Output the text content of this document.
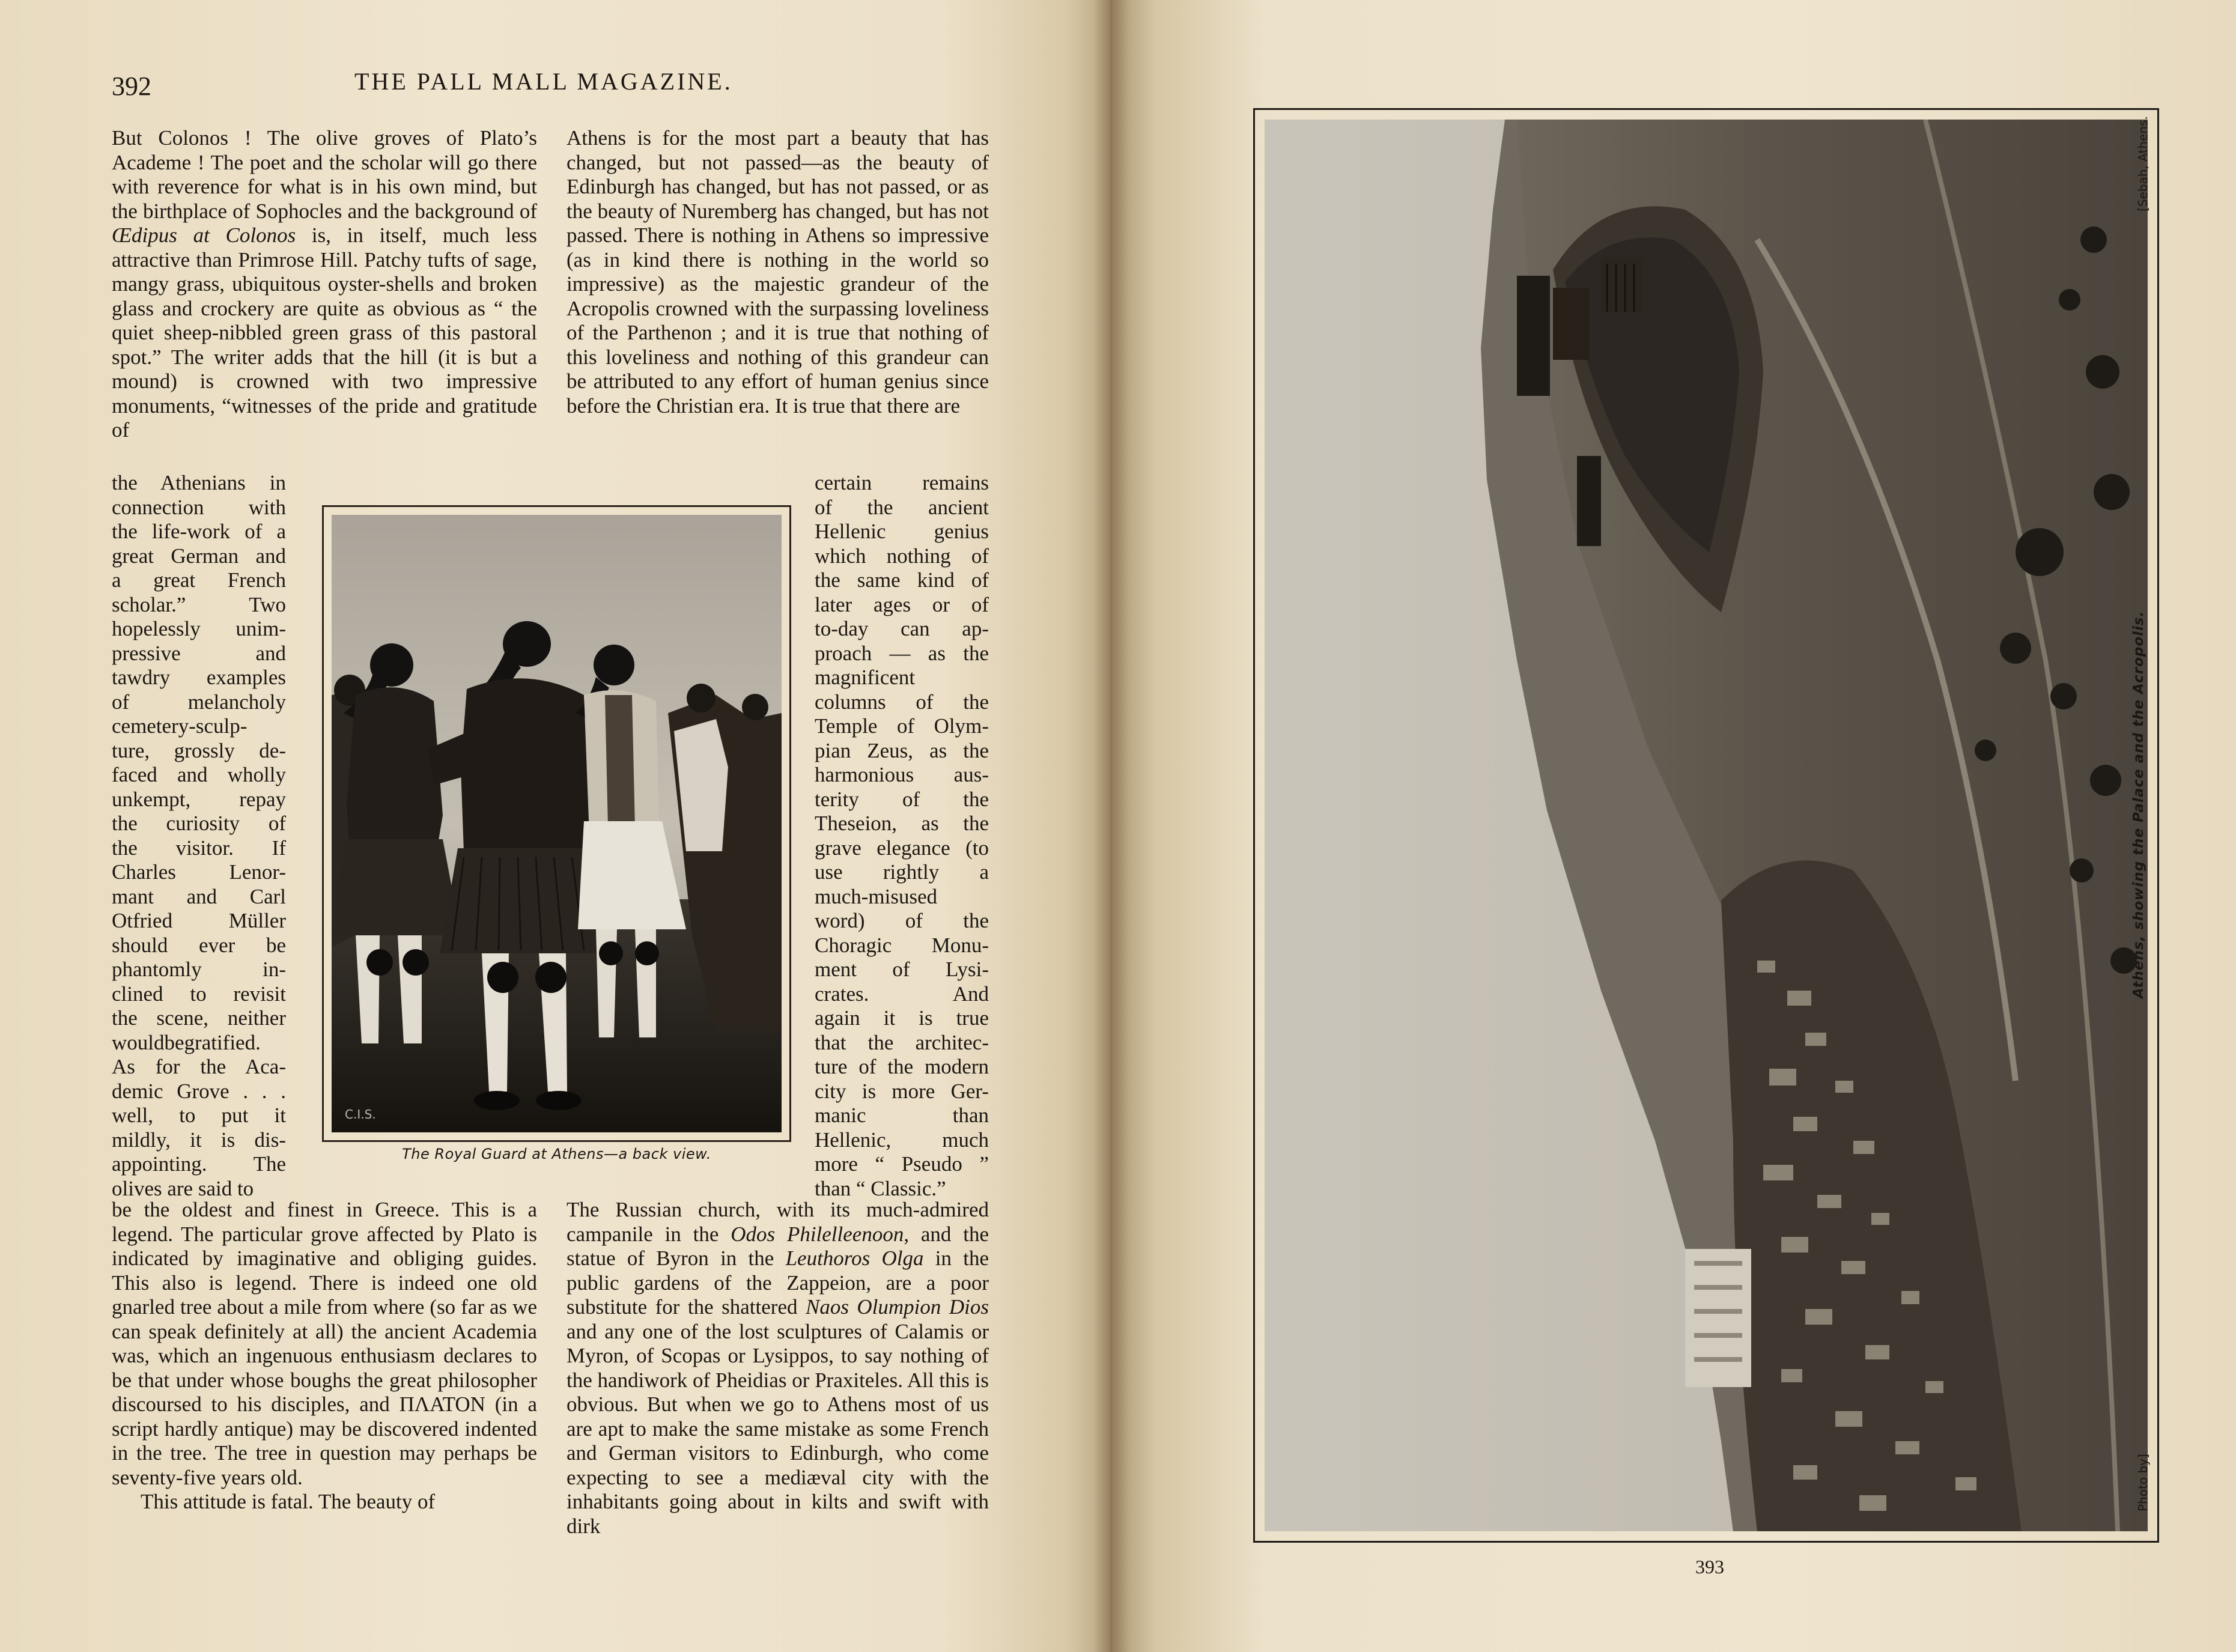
392	THE PALL MALL MAGAZINE.

But Colonos ! The olive groves of Plato’s Academe ! The poet and the scholar will go there with reverence for what is in his own mind, but the birthplace of Sophocles and the background of Œdipus at Colonos is, in itself, much less attractive than Primrose Hill. Patchy tufts of sage, mangy grass, ubiquitous oyster-shells and broken glass and crockery are quite as obvious as “ the quiet sheep-nibbled green grass of this pastoral spot.” The writer adds that the hill (it is but a mound) is crowned with two impressive monuments, “witnesses of the pride and gratitude of

the Athenians in
connection with
the life-work of a
great German and
a great French
scholar.” Two
hopelessly unim-
pressive and
tawdry examples
of melancholy
cemetery-sculp-
ture, grossly de-
faced and wholly
unkempt, repay
the curiosity of
the visitor. If
Charles Lenor-
mant and Carl
Otfried Müller
should ever be
phantomly in-
clined to revisit
the scene, neither
wouldbegratified.
As for the Aca-
demic Grove . . .
well, to put it
mildly, it is dis-
appointing. The
olives are said to

be the oldest and finest in Greece. This is a legend. The particular grove affected by Plato is indicated by imaginative and obliging guides. This also is legend. There is indeed one old gnarled tree about a mile from where (so far as we can speak definitely at all) the ancient Academia was, which an ingenuous enthusiasm declares to be that under whose boughs the great philosopher discoursed to his disciples, and ΠΛΑΤΟΝ (in a script hardly antique) may be discovered indented in the tree. The tree in question may perhaps be seventy-five years old.

This attitude is fatal. The beauty of

Athens is for the most part a beauty that has changed, but not passed—as the beauty of Edinburgh has changed, but has not passed, or as the beauty of Nuremberg has changed, but has not passed. There is nothing in Athens so impressive (as in kind there is nothing in the world so impressive) as the majestic grandeur of the Acropolis crowned with the surpassing loveliness of the Parthenon ; and it is true that nothing of this loveliness and nothing of this grandeur can be attributed to any effort of human genius since before the Christian era. It is true that there are

certain remains
of the ancient
Hellenic genius
which nothing of
the same kind of
later ages or of
to-day can ap-
proach — as the
magnificent
columns of the
Temple of Olym-
pian Zeus, as the
harmonious aus-
terity of the
Theseion, as the
grave elegance (to
use rightly a
much-misused
word) of the
Choragic Monu-
ment of Lysi-
crates. And
again it is true
that the architec-
ture of the modern
city is more Ger-
manic than
Hellenic, much
more “ Pseudo ”
than “ Classic.”

The Russian church, with its much-admired campanile in the Odos Philelleenoon, and the statue of Byron in the Leuthoros Olga in the public gardens of the Zappeion, are a poor substitute for the shattered Naos Olumpion Dios and any one of the lost sculptures of Calamis or Myron, of Scopas or Lysippos, to say nothing of the handiwork of Pheidias or Praxiteles. All this is obvious. But when we go to Athens most of us are apt to make the same mistake as some French and German visitors to Edinburgh, who come expecting to see a mediæval city with the inhabitants going about in kilts and swift with dirk

C.I.S.
The Royal Guard at Athens—a back view.
Athens, showing the Palace and the Acropolis.
Photo by]
[Sebah, Athens.
393
